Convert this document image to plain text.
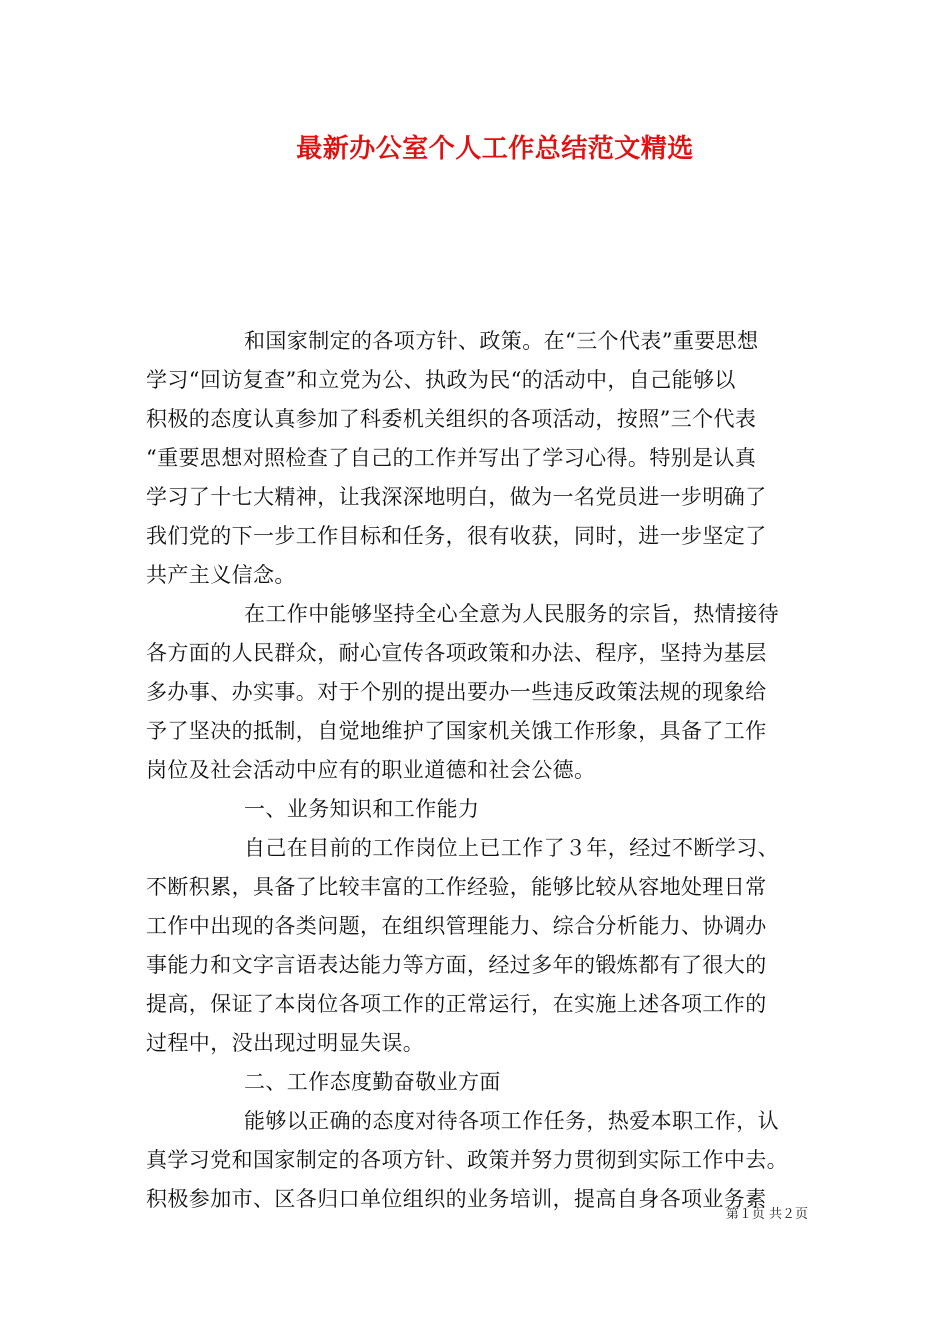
最新办公室个人工作总结范文精选
和国家制定的各项方针、政策。在“三个代表”重要思想
学习“回访复查”和立党为公、执政为民“的活动中，自己能够以
积极的态度认真参加了科委机关组织的各项活动，按照”三个代表
“重要思想对照检查了自己的工作并写出了学习心得。特别是认真
学习了十七大精神，让我深深地明白，做为一名党员进一步明确了
我们党的下一步工作目标和任务，很有收获，同时，进一步坚定了
共产主义信念。
在工作中能够坚持全心全意为人民服务的宗旨，热情接待
各方面的人民群众，耐心宣传各项政策和办法、程序，坚持为基层
多办事、办实事。对于个别的提出要办一些违反政策法规的现象给
予了坚决的抵制，自觉地维护了国家机关饿工作形象，具备了工作
岗位及社会活动中应有的职业道德和社会公德。
一、业务知识和工作能力
自己在目前的工作岗位上已工作了３年，经过不断学习、
不断积累，具备了比较丰富的工作经验，能够比较从容地处理日常
工作中出现的各类问题，在组织管理能力、综合分析能力、协调办
事能力和文字言语表达能力等方面，经过多年的锻炼都有了很大的
提高，保证了本岗位各项工作的正常运行，在实施上述各项工作的
过程中，没出现过明显失误。
二、工作态度勤奋敬业方面
能够以正确的态度对待各项工作任务，热爱本职工作，认
真学习党和国家制定的各项方针、政策并努力贯彻到实际工作中去。
积极参加市、区各归口单位组织的业务培训，提高自身各项业务素
第１页 共２页
